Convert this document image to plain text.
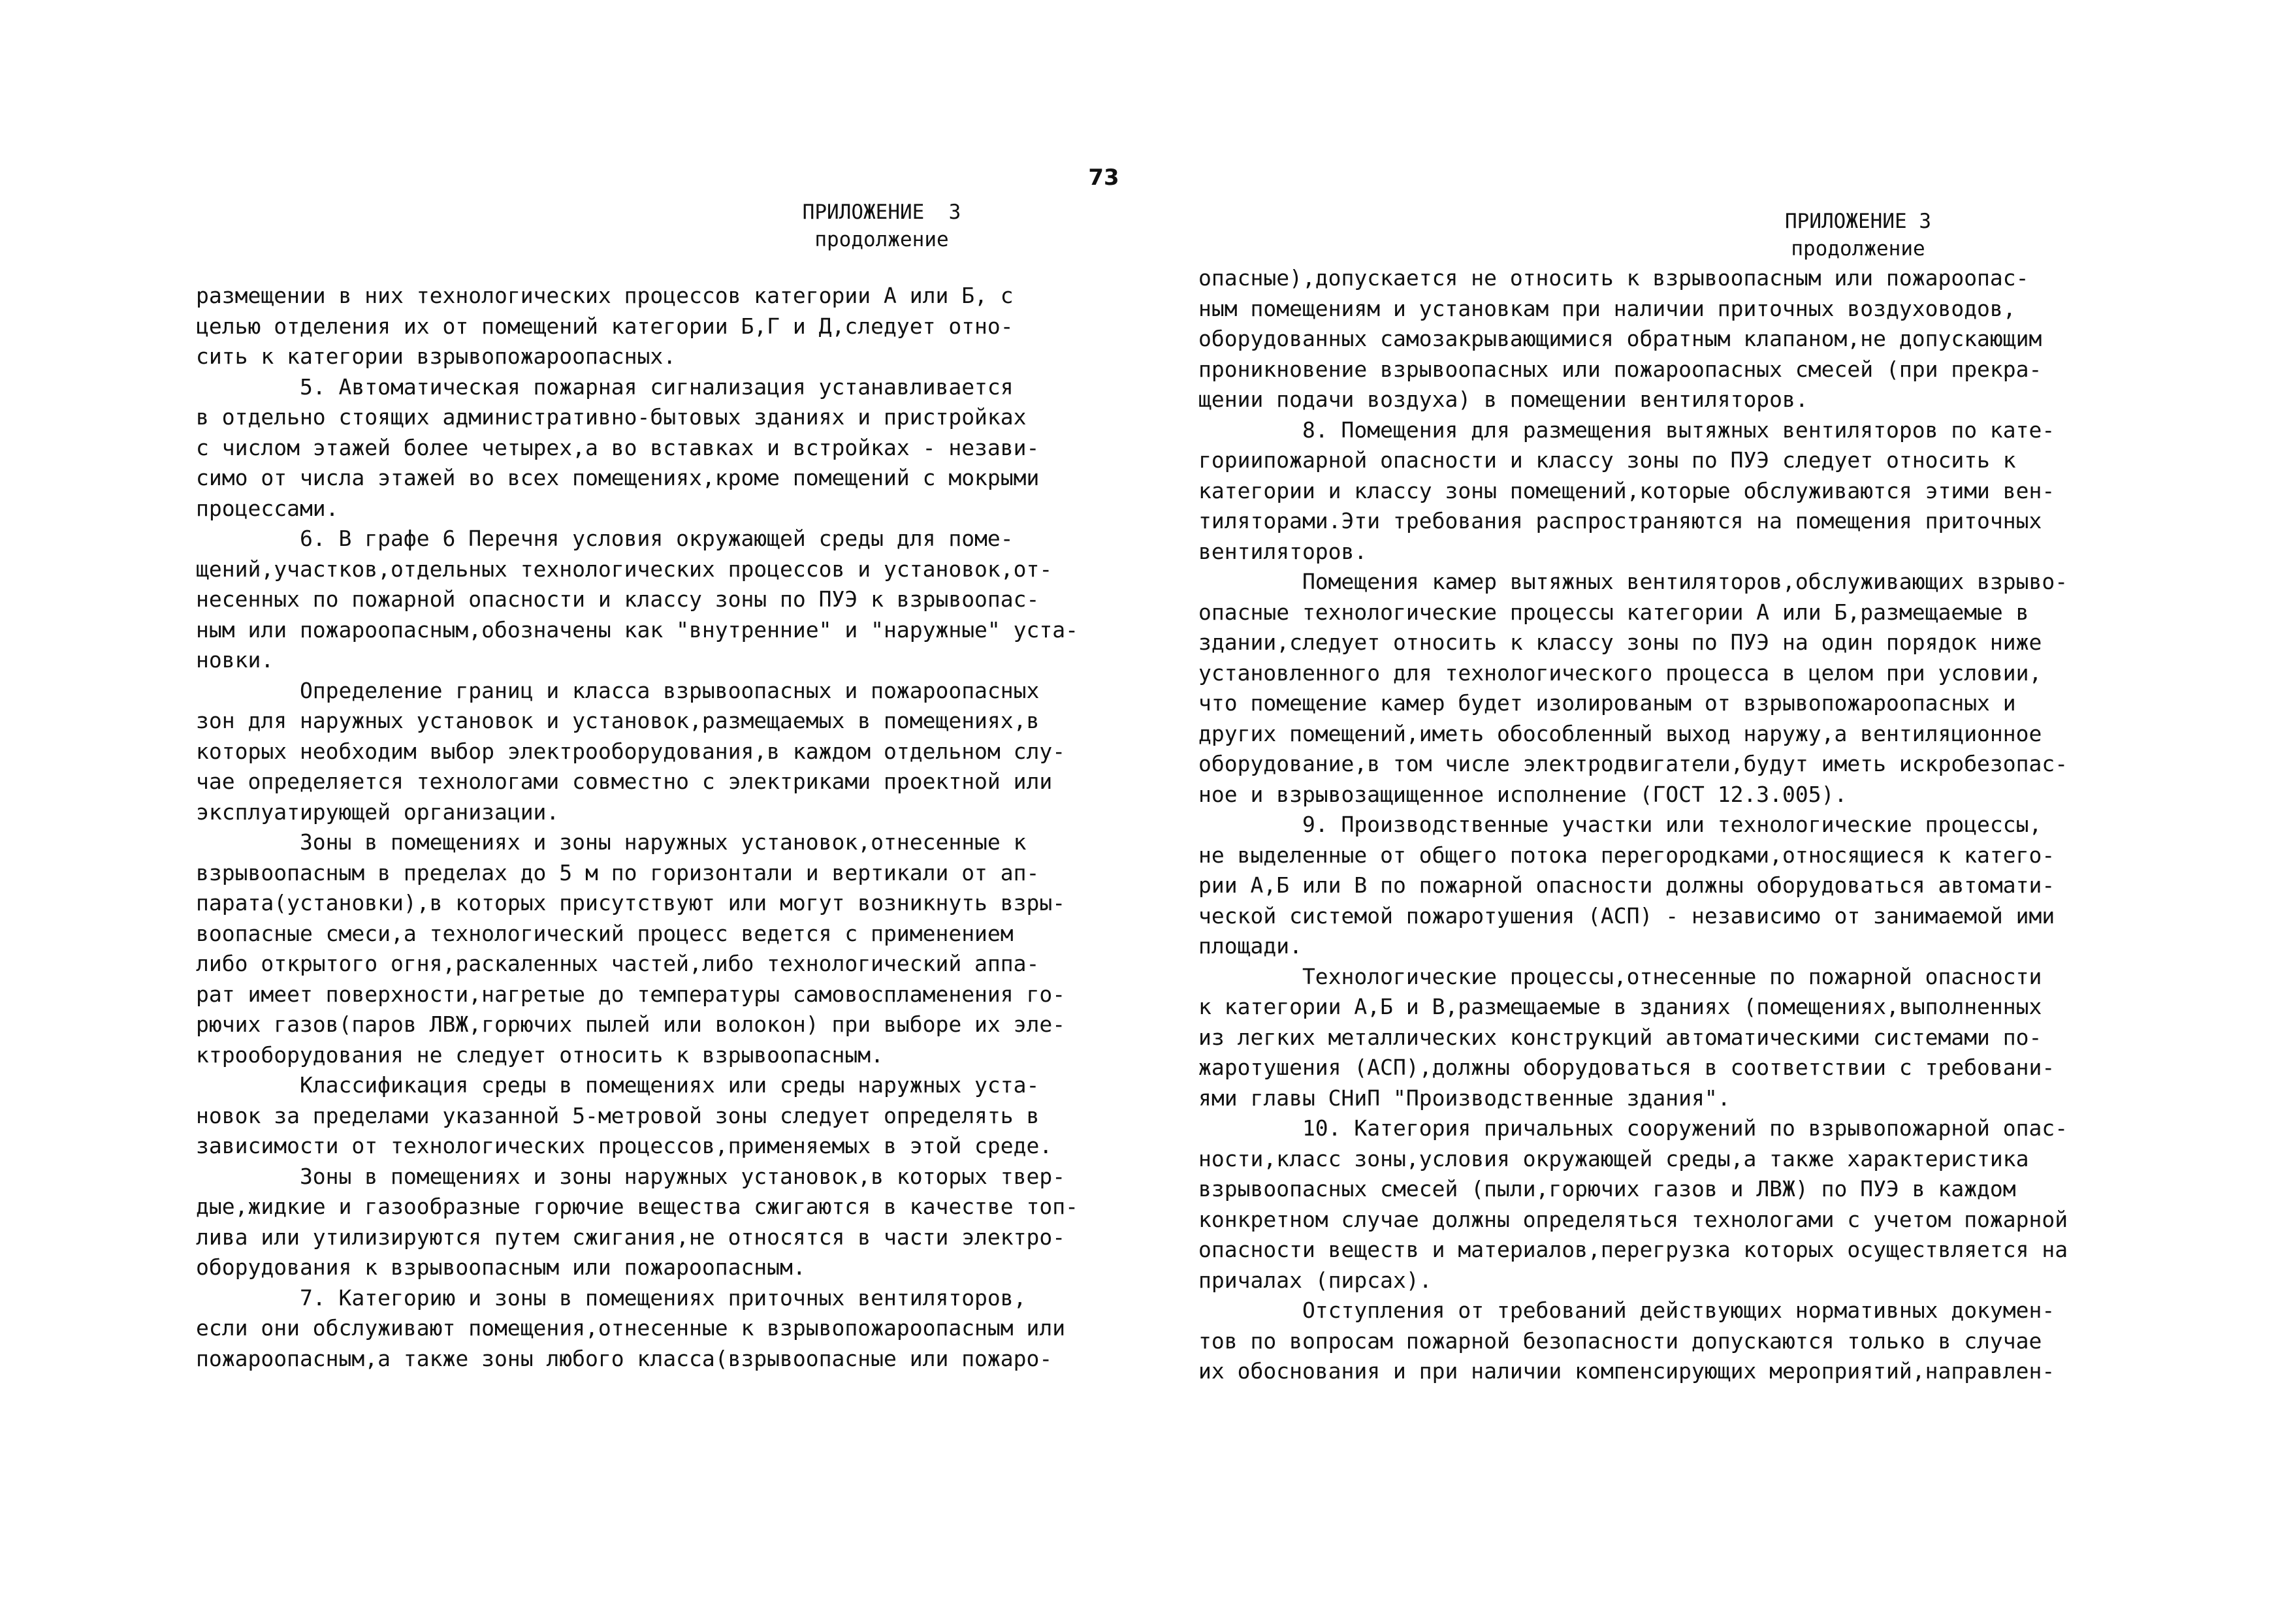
73
ПРИЛОЖЕНИЕ  3
продолжение
размещении в них технологических процессов категории А или Б, с
целью отделения их от помещений категории Б,Г и Д,следует отно-
сить к категории взрывопожароопасных.
5. Автоматическая пожарная сигнализация устанавливается
в отдельно стоящих административно-бытовых зданиях и пристройках
с числом этажей более четырех,а во вставках и встройках - незави-
симо от числа этажей во всех помещениях,кроме помещений с мокрыми
процессами.
6. В графе 6 Перечня условия окружающей среды для поме-
щений,участков,отдельных технологических процессов и установок,от-
несенных по пожарной опасности и классу зоны по ПУЭ к взрывоопас-
ным или пожароопасным,обозначены как "внутренние" и "наружные" уста-
новки.
Определение границ и класса взрывоопасных и пожароопасных
зон для наружных установок и установок,размещаемых в помещениях,в
которых необходим выбор электрооборудования,в каждом отдельном слу-
чае определяется технологами совместно с электриками проектной или
эксплуатирующей организации.
Зоны в помещениях и зоны наружных установок,отнесенные к
взрывоопасным в пределах до 5 м по горизонтали и вертикали от ап-
парата(установки),в которых присутствуют или могут возникнуть взры-
воопасные смеси,а технологический процесс ведется с применением
либо открытого огня,раскаленных частей,либо технологический аппа-
рат имеет поверхности,нагретые до температуры самовоспламенения го-
рючих газов(паров ЛВЖ,горючих пылей или волокон) при выборе их эле-
ктрооборудования не следует относить к взрывоопасным.
Классификация среды в помещениях или среды наружных уста-
новок за пределами указанной 5-метровой зоны следует определять в
зависимости от технологических процессов,применяемых в этой среде.
Зоны в помещениях и зоны наружных установок,в которых твер-
дые,жидкие и газообразные горючие вещества сжигаются в качестве топ-
лива или утилизируются путем сжигания,не относятся в части электро-
оборудования к взрывоопасным или пожароопасным.
7. Категорию и зоны в помещениях приточных вентиляторов,
если они обслуживают помещения,отнесенные к взрывопожароопасным или
пожароопасным,а также зоны любого класса(взрывоопасные или пожаро-
ПРИЛОЖЕНИЕ 3
продолжение
опасные),допускается не относить к взрывоопасным или пожароопас-
ным помещениям и установкам при наличии приточных воздуховодов,
оборудованных самозакрывающимися обратным клапаном,не допускающим
проникновение взрывоопасных или пожароопасных смесей (при прекра-
щении подачи воздуха) в помещении вентиляторов.
8. Помещения для размещения вытяжных вентиляторов по кате-
гориипожарной опасности и классу зоны по ПУЭ следует относить к
категории и классу зоны помещений,которые обслуживаются этими вен-
тиляторами.Эти требования распространяются на помещения приточных
вентиляторов.
Помещения камер вытяжных вентиляторов,обслуживающих взрыво-
опасные технологические процессы категории А или Б,размещаемые в
здании,следует относить к классу зоны по ПУЭ на один порядок ниже
установленного для технологического процесса в целом при условии,
что помещение камер будет изолированым от взрывопожароопасных и
других помещений,иметь обособленный выход наружу,а вентиляционное
оборудование,в том числе электродвигатели,будут иметь искробезопас-
ное и взрывозащищенное исполнение (ГОСТ 12.3.005).
9. Производственные участки или технологические процессы,
не выделенные от общего потока перегородками,относящиеся к катего-
рии А,Б или В по пожарной опасности должны оборудоваться автомати-
ческой системой пожаротушения (АСП) - независимо от занимаемой ими
площади.
Технологические процессы,отнесенные по пожарной опасности
к категории А,Б и В,размещаемые в зданиях (помещениях,выполненных
из легких металлических конструкций автоматическими системами по-
жаротушения (АСП),должны оборудоваться в соответствии с требовани-
ями главы СНиП "Производственные здания".
10. Категория причальных сооружений по взрывопожарной опас-
ности,класс зоны,условия окружающей среды,а также характеристика
взрывоопасных смесей (пыли,горючих газов и ЛВЖ) по ПУЭ в каждом
конкретном случае должны определяться технологами с учетом пожарной
опасности веществ и материалов,перегрузка которых осуществляется на
причалах (пирсах).
Отступления от требований действующих нормативных докумен-
тов по вопросам пожарной безопасности допускаются только в случае
их обоснования и при наличии компенсирующих мероприятий,направлен-
